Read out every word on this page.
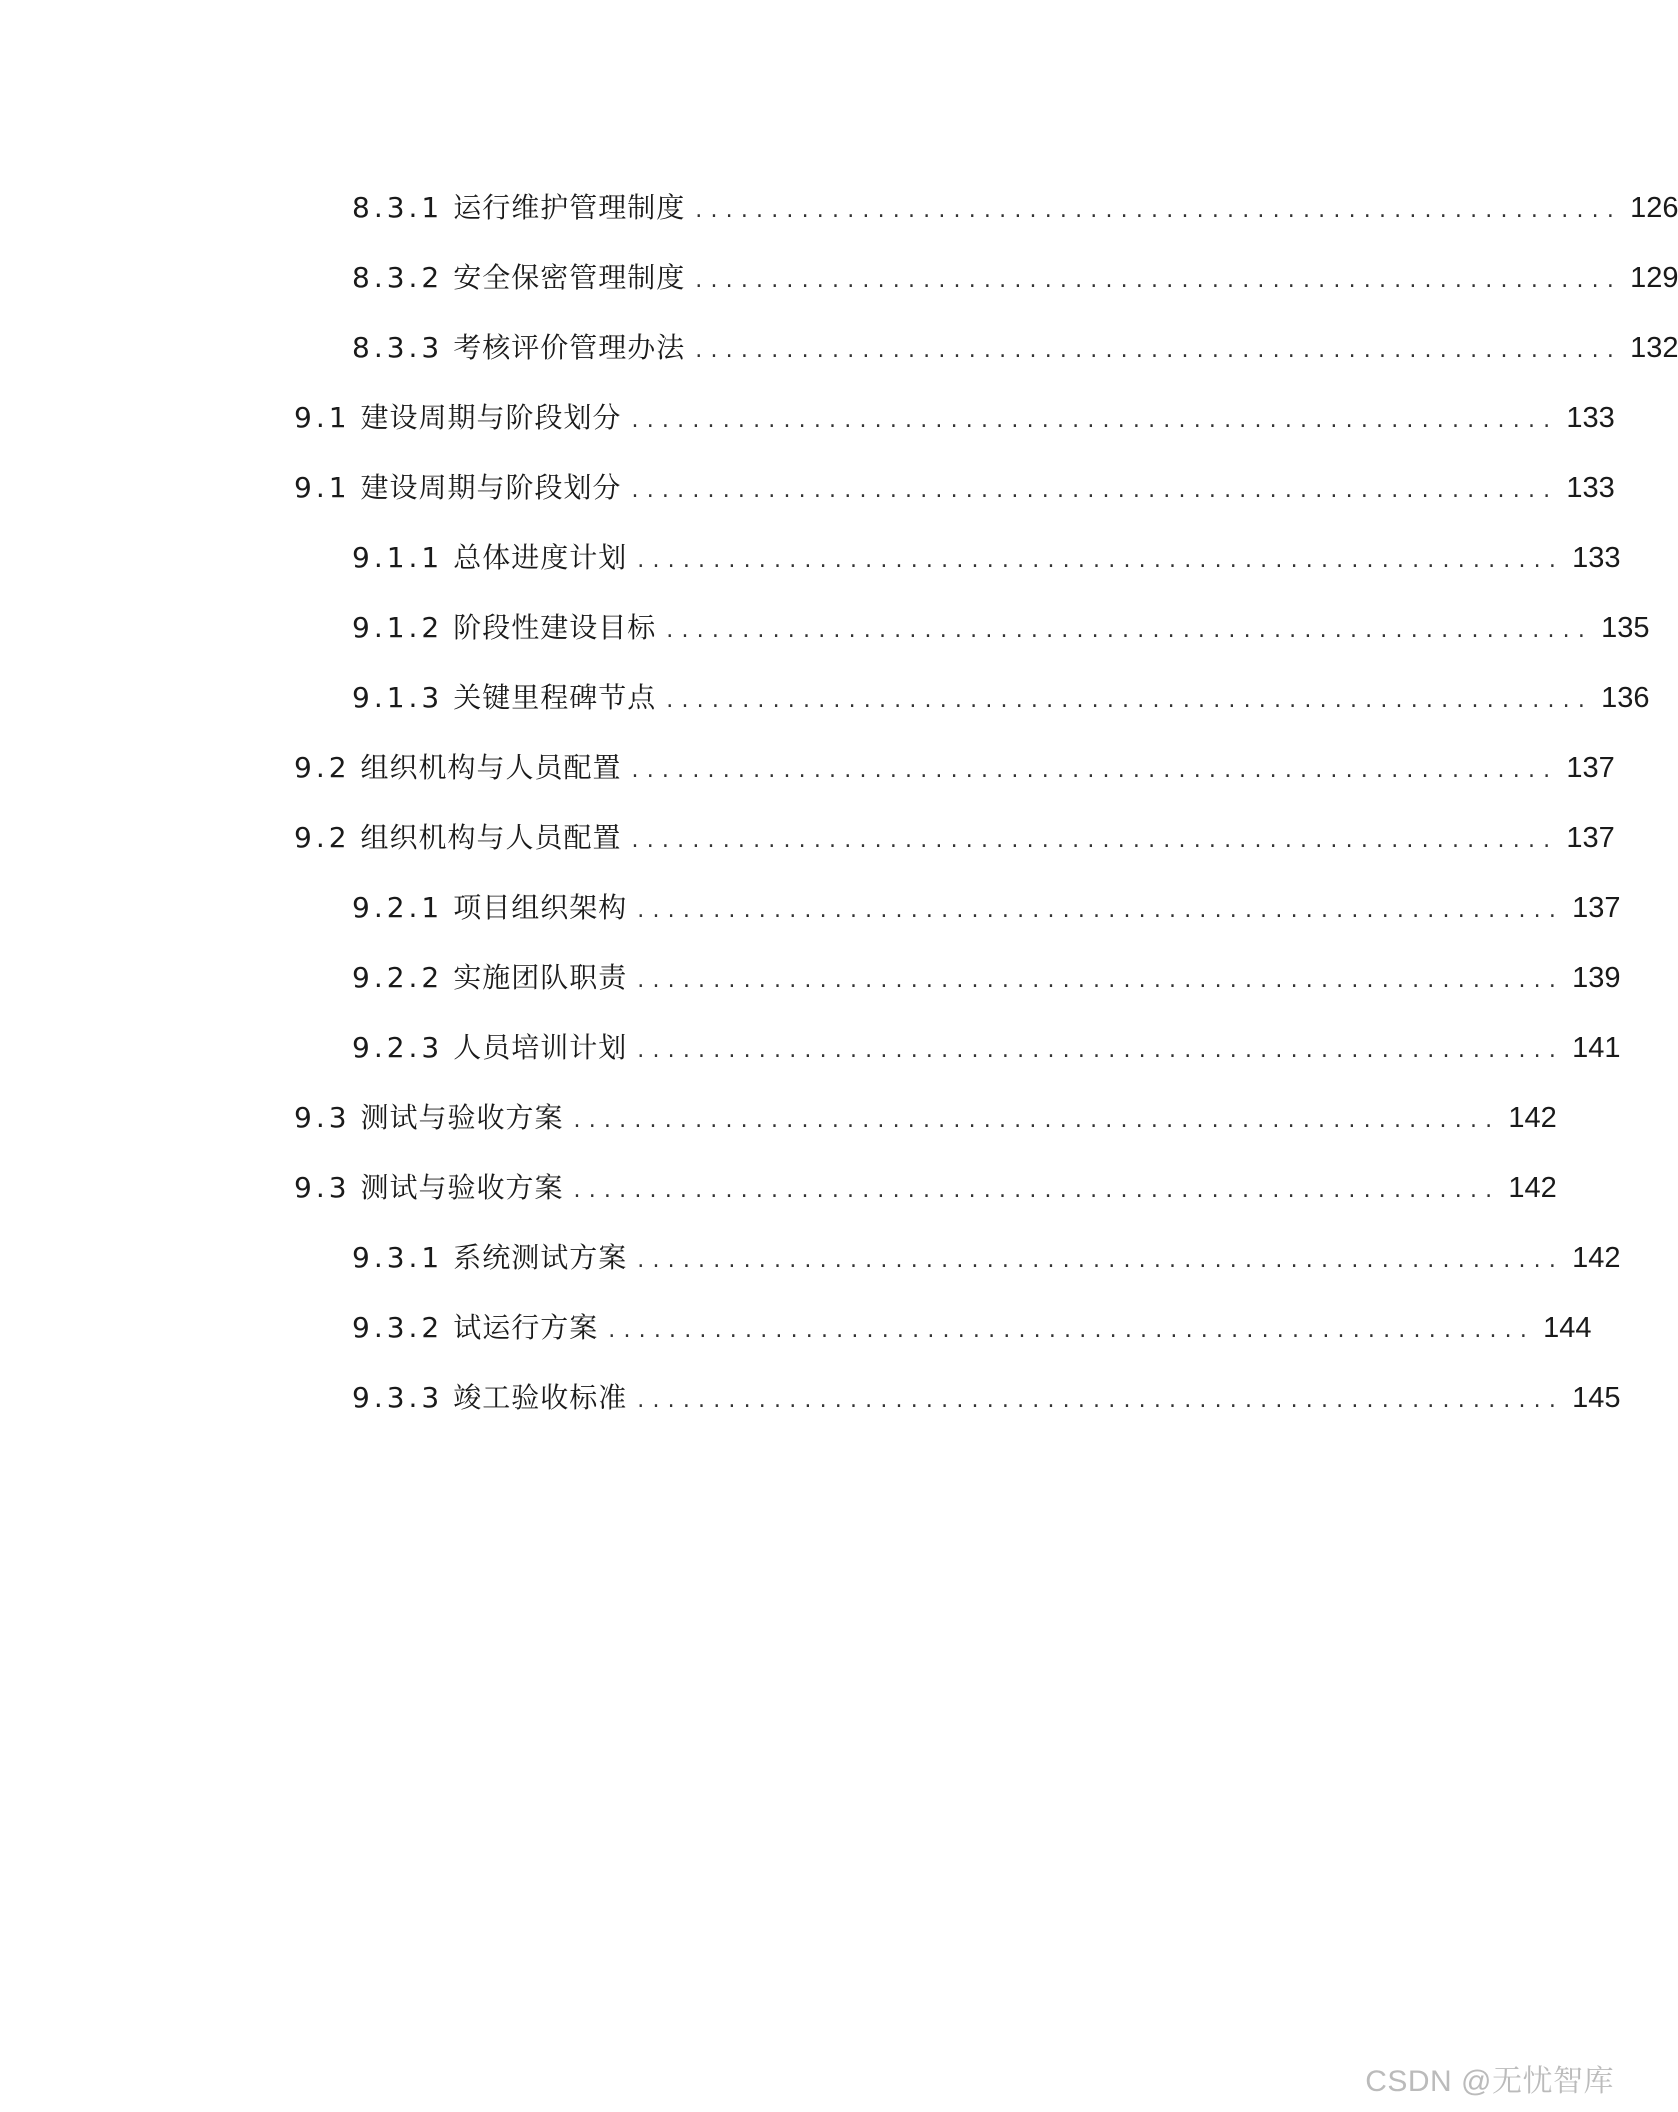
8.3.1 运行维护管理制度 ............................................................. 126
8.3.2 安全保密管理制度 ............................................................. 129
8.3.3 考核评价管理办法 ............................................................. 132
9.1 建设周期与阶段划分 ............................................................. 133
9.1 建设周期与阶段划分 ............................................................. 133
9.1.1 总体进度计划 ............................................................. 133
9.1.2 阶段性建设目标 ............................................................. 135
9.1.3 关键里程碑节点 ............................................................. 136
9.2 组织机构与人员配置 ............................................................. 137
9.2 组织机构与人员配置 ............................................................. 137
9.2.1 项目组织架构 ............................................................. 137
9.2.2 实施团队职责 ............................................................. 139
9.2.3 人员培训计划 ............................................................. 141
9.3 测试与验收方案 ............................................................. 142
9.3 测试与验收方案 ............................................................. 142
9.3.1 系统测试方案 ............................................................. 142
9.3.2 试运行方案 ............................................................. 144
9.3.3 竣工验收标准 ............................................................. 145
CSDN @无忧智库
